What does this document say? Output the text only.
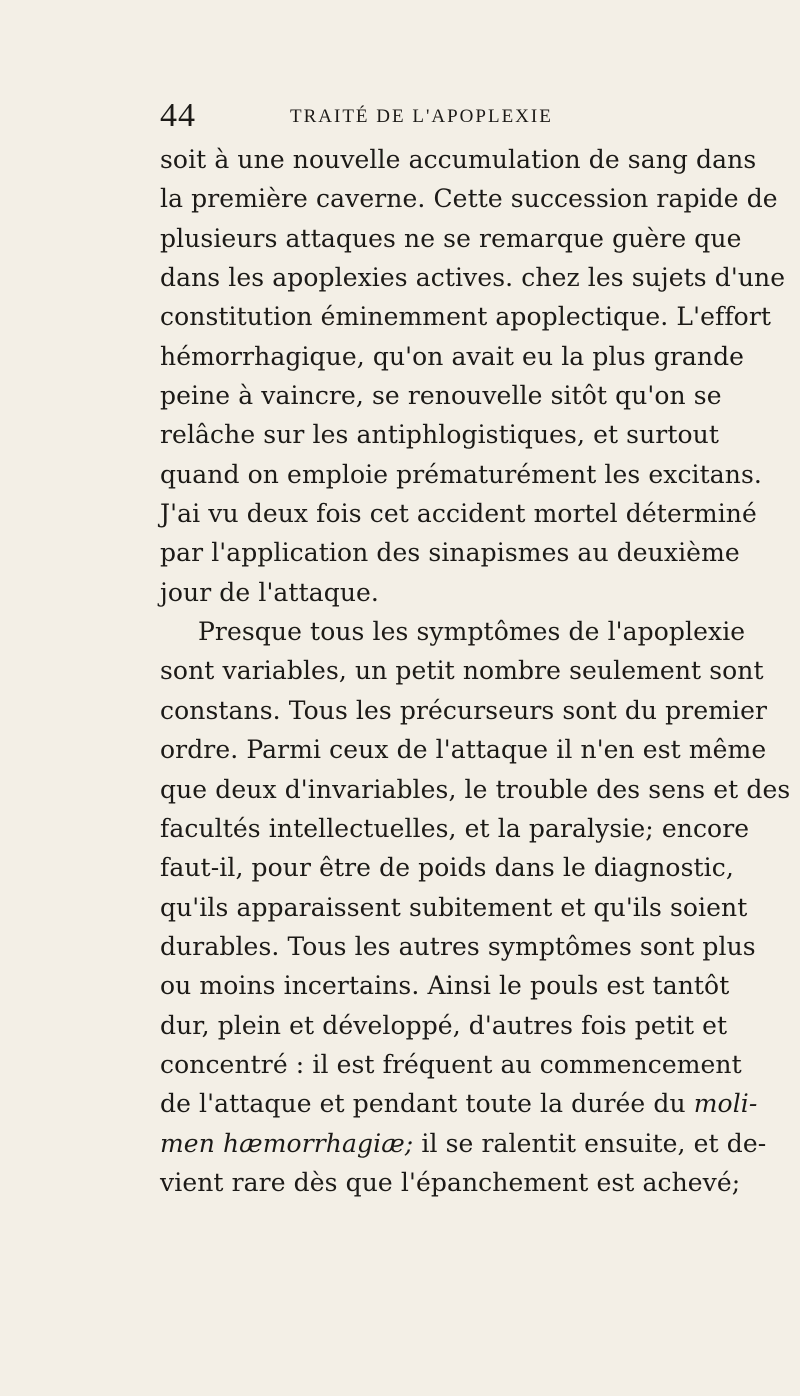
44	TRAITÉ DE L'APOPLEXIE
soit à une nouvelle accumulation de sang dans
la première caverne. Cette succession rapide de
plusieurs attaques ne se remarque guère que
dans les apoplexies actives. chez les sujets d'une
constitution éminemment apoplectique. L'effort
hémorrhagique, qu'on avait eu la plus grande
peine à vaincre, se renouvelle sitôt qu'on se
relâche sur les antiphlogistiques, et surtout
quand on emploie prématurément les excitans.
J'ai vu deux fois cet accident mortel déterminé
par l'application des sinapismes au deuxième
jour de l'attaque.
Presque tous les symptômes de l'apoplexie
sont variables, un petit nombre seulement sont
constans. Tous les précurseurs sont du premier
ordre. Parmi ceux de l'attaque il n'en est même
que deux d'invariables, le trouble des sens et des
facultés intellectuelles, et la paralysie; encore
faut-il, pour être de poids dans le diagnostic,
qu'ils apparaissent subitement et qu'ils soient
durables. Tous les autres symptômes sont plus
ou moins incertains. Ainsi le pouls est tantôt
dur, plein et développé, d'autres fois petit et
concentré : il est fréquent au commencement
de l'attaque et pendant toute la durée du moli-
men hæmorrhagiæ; il se ralentit ensuite, et de-
vient rare dès que l'épanchement est achevé;
